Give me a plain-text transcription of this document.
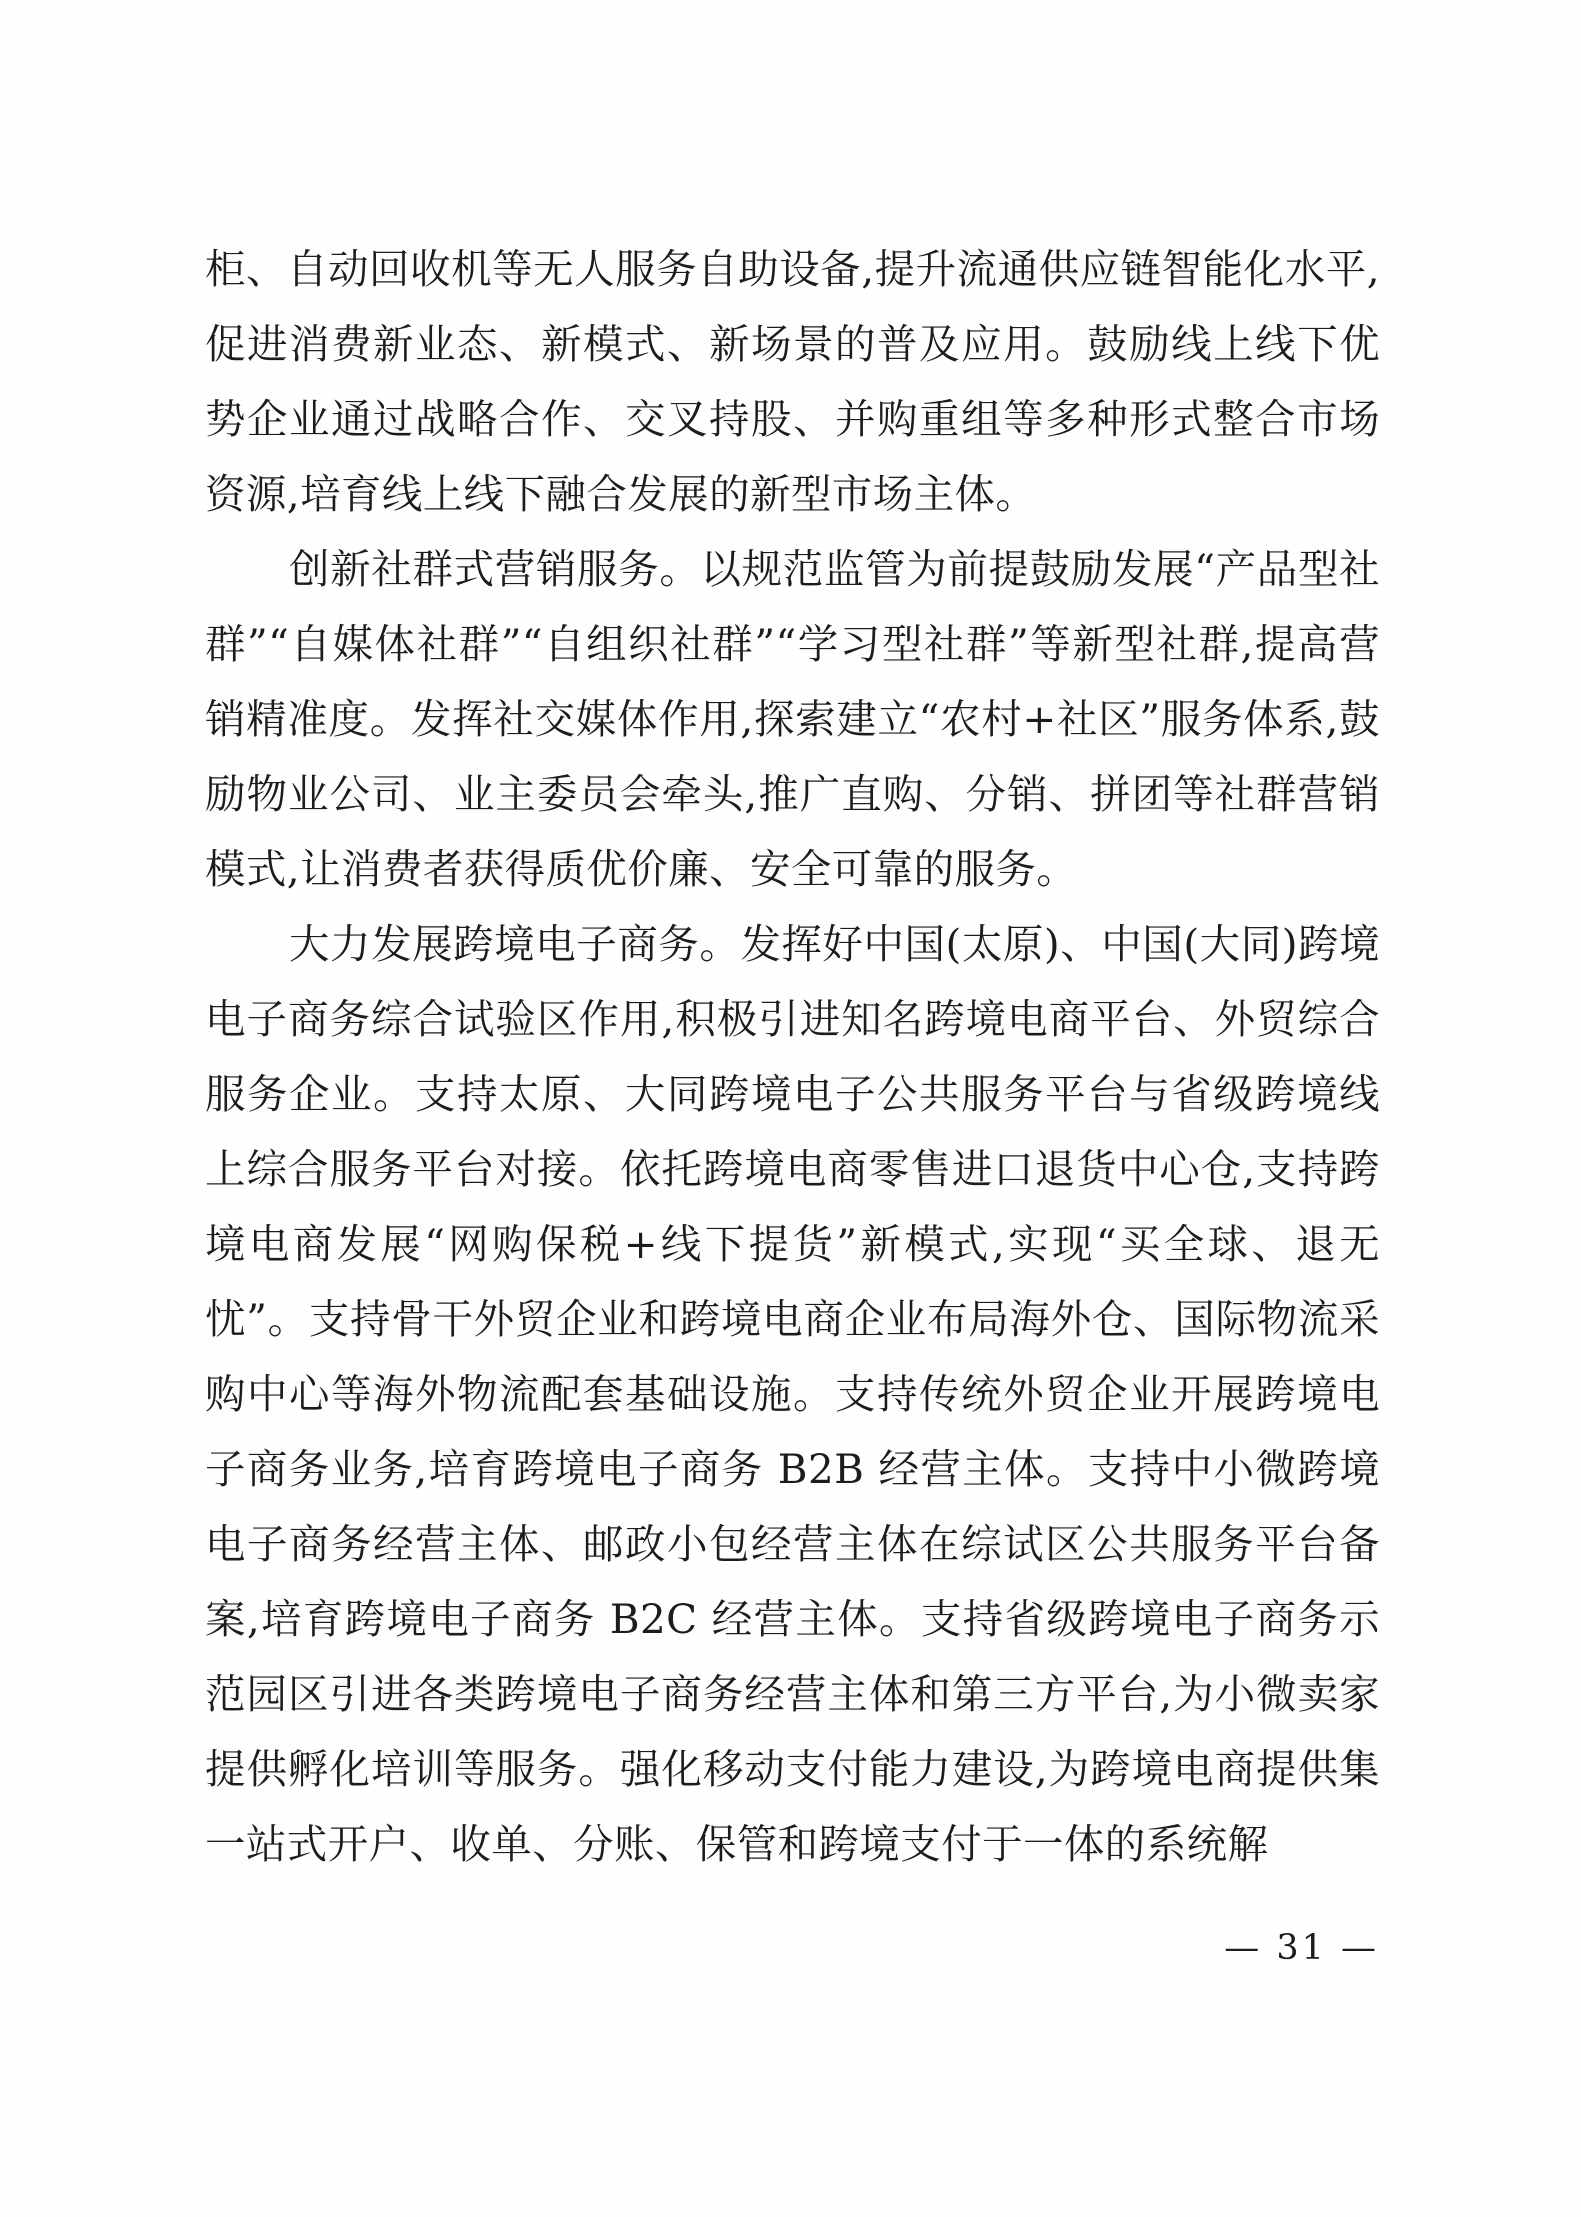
柜、自动回收机等无人服务自助设备,提升流通供应链智能化水平,促进消费新业态、新模式、新场景的普及应用。鼓励线上线下优势企业通过战略合作、交叉持股、并购重组等多种形式整合市场资源,培育线上线下融合发展的新型市场主体。

创新社群式营销服务。以规范监管为前提鼓励发展“产品型社群”“自媒体社群”“自组织社群”“学习型社群”等新型社群,提高营销精准度。发挥社交媒体作用,探索建立“农村+社区”服务体系,鼓励物业公司、业主委员会牵头,推广直购、分销、拼团等社群营销模式,让消费者获得质优价廉、安全可靠的服务。

大力发展跨境电子商务。发挥好中国(太原)、中国(大同)跨境电子商务综合试验区作用,积极引进知名跨境电商平台、外贸综合服务企业。支持太原、大同跨境电子公共服务平台与省级跨境线上综合服务平台对接。依托跨境电商零售进口退货中心仓,支持跨境电商发展“网购保税+线下提货”新模式,实现“买全球、退无忧”。支持骨干外贸企业和跨境电商企业布局海外仓、国际物流采购中心等海外物流配套基础设施。支持传统外贸企业开展跨境电子商务业务,培育跨境电子商务 B2B 经营主体。支持中小微跨境电子商务经营主体、邮政小包经营主体在综试区公共服务平台备案,培育跨境电子商务 B2C 经营主体。支持省级跨境电子商务示范园区引进各类跨境电子商务经营主体和第三方平台,为小微卖家提供孵化培训等服务。强化移动支付能力建设,为跨境电商提供集一站式开户、收单、分账、保管和跨境支付于一体的系统解

— 31 —
